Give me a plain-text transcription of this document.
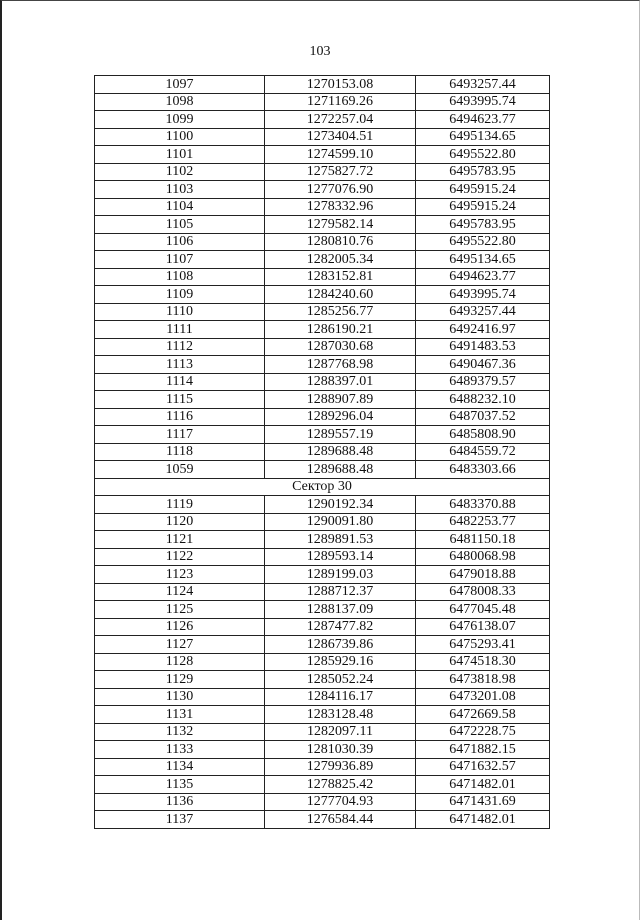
103
1097	1270153.08	6493257.44
1098	1271169.26	6493995.74
1099	1272257.04	6494623.77
1100	1273404.51	6495134.65
1101	1274599.10	6495522.80
1102	1275827.72	6495783.95
1103	1277076.90	6495915.24
1104	1278332.96	6495915.24
1105	1279582.14	6495783.95
1106	1280810.76	6495522.80
1107	1282005.34	6495134.65
1108	1283152.81	6494623.77
1109	1284240.60	6493995.74
1110	1285256.77	6493257.44
1111	1286190.21	6492416.97
1112	1287030.68	6491483.53
1113	1287768.98	6490467.36
1114	1288397.01	6489379.57
1115	1288907.89	6488232.10
1116	1289296.04	6487037.52
1117	1289557.19	6485808.90
1118	1289688.48	6484559.72
1059	1289688.48	6483303.66
Сектор 30		
1119	1290192.34	6483370.88
1120	1290091.80	6482253.77
1121	1289891.53	6481150.18
1122	1289593.14	6480068.98
1123	1289199.03	6479018.88
1124	1288712.37	6478008.33
1125	1288137.09	6477045.48
1126	1287477.82	6476138.07
1127	1286739.86	6475293.41
1128	1285929.16	6474518.30
1129	1285052.24	6473818.98
1130	1284116.17	6473201.08
1131	1283128.48	6472669.58
1132	1282097.11	6472228.75
1133	1281030.39	6471882.15
1134	1279936.89	6471632.57
1135	1278825.42	6471482.01
1136	1277704.93	6471431.69
1137	1276584.44	6471482.01
